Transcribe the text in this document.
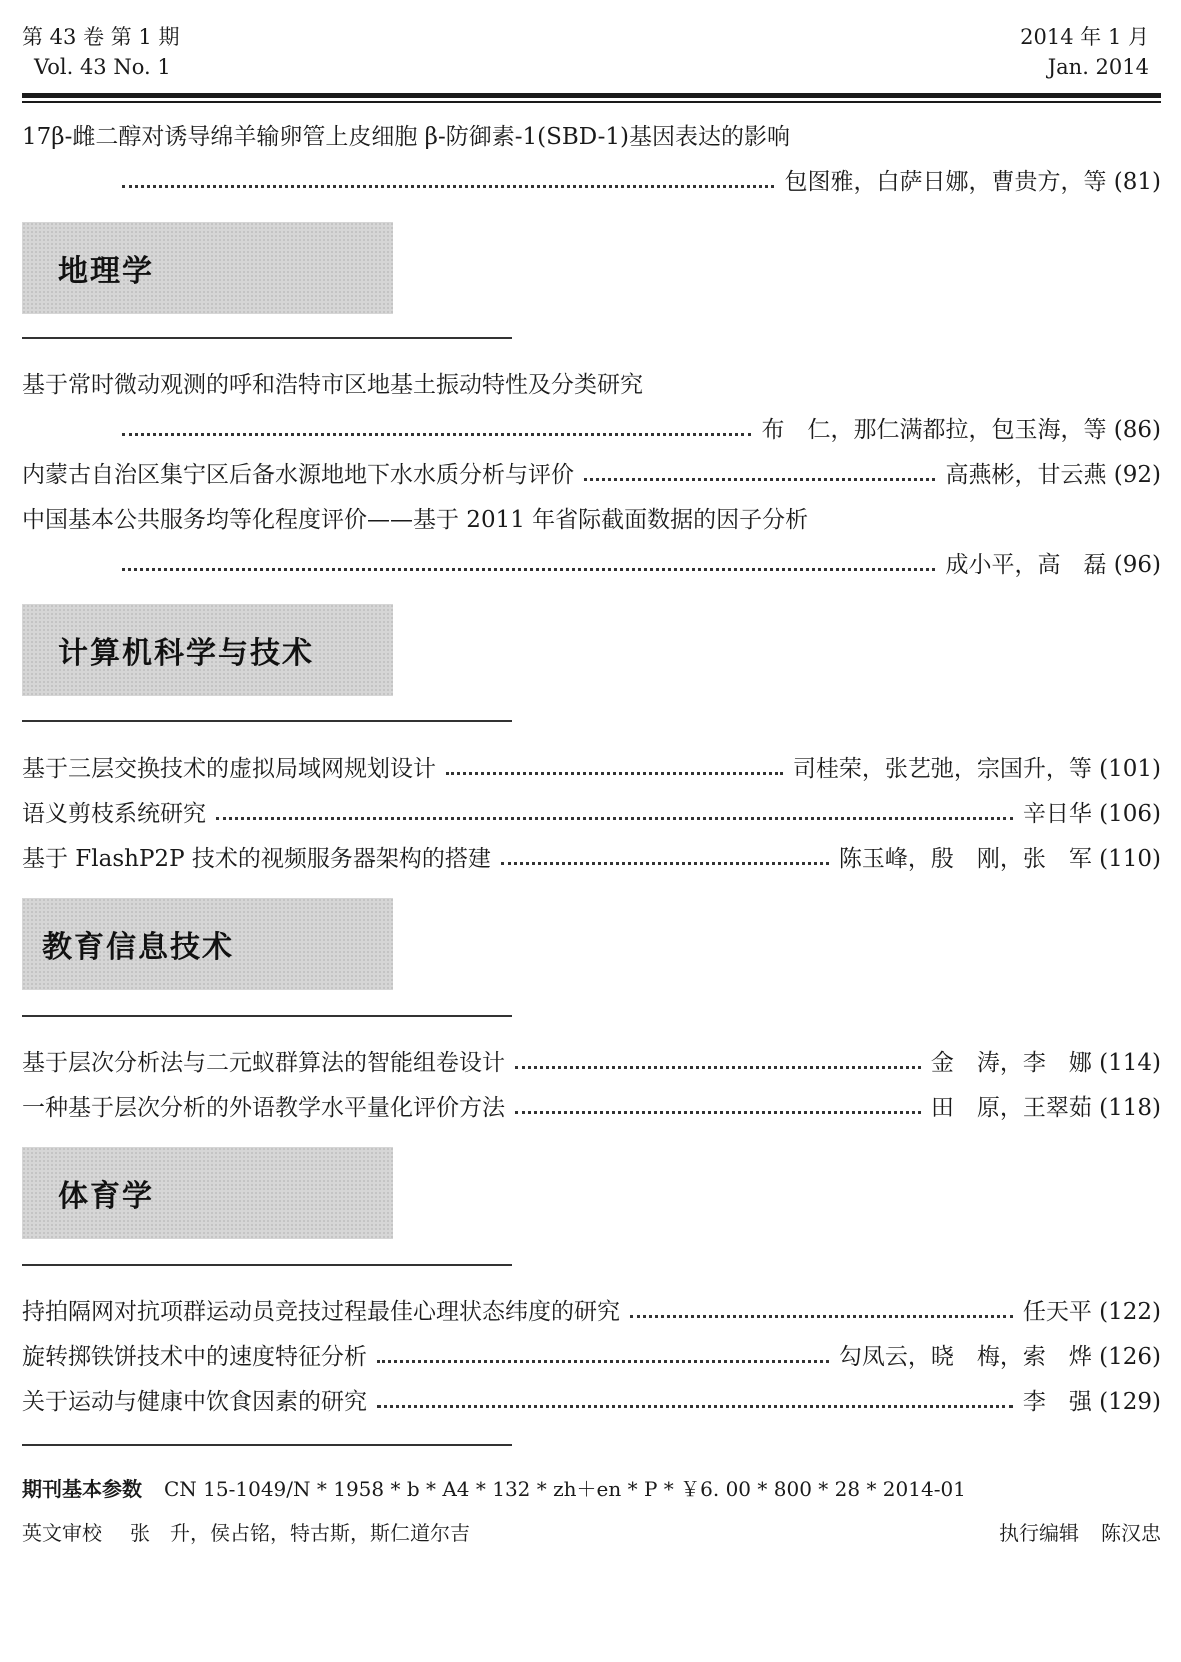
第 43 卷 第 1 期
Vol. 43 No. 1
2014 年 1 月
Jan. 2014
17β-雌二醇对诱导绵羊输卵管上皮细胞 β-防御素-1(SBD-1)基因表达的影响
包图雅，白萨日娜，曹贵方，等 (81)
地理学
基于常时微动观测的呼和浩特市区地基土振动特性及分类研究
布　仁，那仁满都拉，包玉海，等 (86)
内蒙古自治区集宁区后备水源地地下水水质分析与评价	高燕彬，甘云燕 (92)
中国基本公共服务均等化程度评价——基于 2011 年省际截面数据的因子分析
成小平，高　磊 (96)
计算机科学与技术
基于三层交换技术的虚拟局域网规划设计	司桂荣，张艺弛，宗国升，等 (101)
语义剪枝系统研究	辛日华 (106)
基于 FlashP2P 技术的视频服务器架构的搭建	陈玉峰，殷　刚，张　军 (110)
教育信息技术
基于层次分析法与二元蚁群算法的智能组卷设计	金　涛，李　娜 (114)
一种基于层次分析的外语教学水平量化评价方法	田　原，王翠茹 (118)
体育学
持拍隔网对抗项群运动员竞技过程最佳心理状态纬度的研究	任天平 (122)
旋转掷铁饼技术中的速度特征分析	勾凤云，晓　梅，索　烨 (126)
关于运动与健康中饮食因素的研究	李　强 (129)
期刊基本参数 CN 15-1049/N * 1958 * b * A4 * 132 * zh＋en * P * ￥6. 00 * 800 * 28 * 2014-01
英文审校 张　升，侯占铭，特古斯，斯仁道尔吉	执行编辑 陈汉忠
